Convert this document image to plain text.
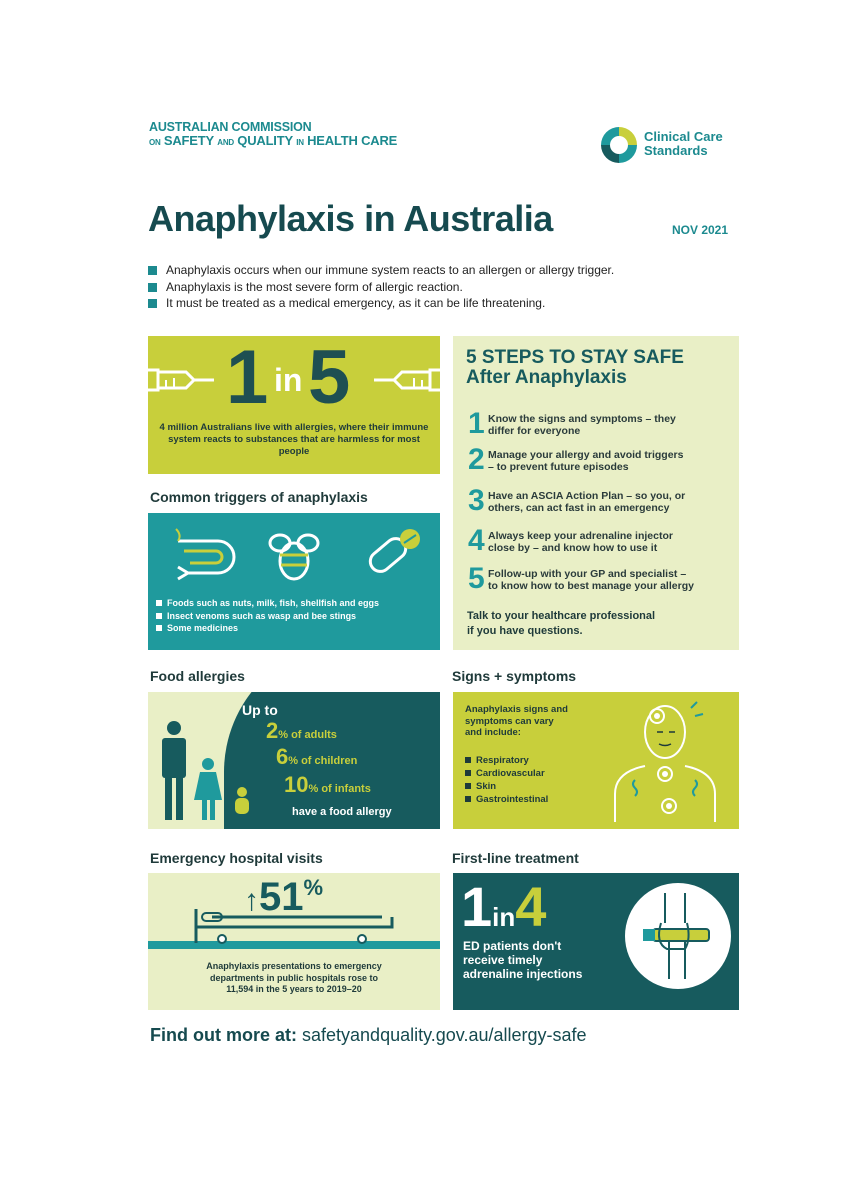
AUSTRALIAN COMMISSION
ON SAFETY AND QUALITY IN HEALTH CARE	Clinical Care
Standards
Anaphylaxis in Australia	NOV 2021
Anaphylaxis occurs when our immune system reacts to an allergen or allergy trigger.
Anaphylaxis is the most severe form of allergic reaction.
It must be treated as a medical emergency, as it can be life threatening.
1 in 5
4 million Australians live with allergies, where their immune system reacts to substances that are harmless for most people
Common triggers of anaphylaxis
Foods such as nuts, milk, fish, shellfish and eggs
Insect venoms such as wasp and bee stings
Some medicines
5 STEPS TO STAY SAFE
After Anaphylaxis
1 Know the signs and symptoms – they
differ for everyone
2 Manage your allergy and avoid triggers
– to prevent future episodes
3 Have an ASCIA Action Plan – so you, or
others, can act fast in an emergency
4 Always keep your adrenaline injector
close by – and know how to use it
5 Follow-up with your GP and specialist –
to know how to best manage your allergy
Talk to your healthcare professional
if you have questions.
Food allergies
Up to
2% of adults
6% of children
10% of infants
have a food allergy
Signs + symptoms
Anaphylaxis signs and
symptoms can vary
and include:
Respiratory
Cardiovascular
Skin
Gastrointestinal
Emergency hospital visits
↑51%
Anaphylaxis presentations to emergency
departments in public hospitals rose to
11,594 in the 5 years to 2019–20
First-line treatment
1in4
ED patients don't
receive timely
adrenaline injections
Find out more at: safetyandquality.gov.au/allergy-safe
